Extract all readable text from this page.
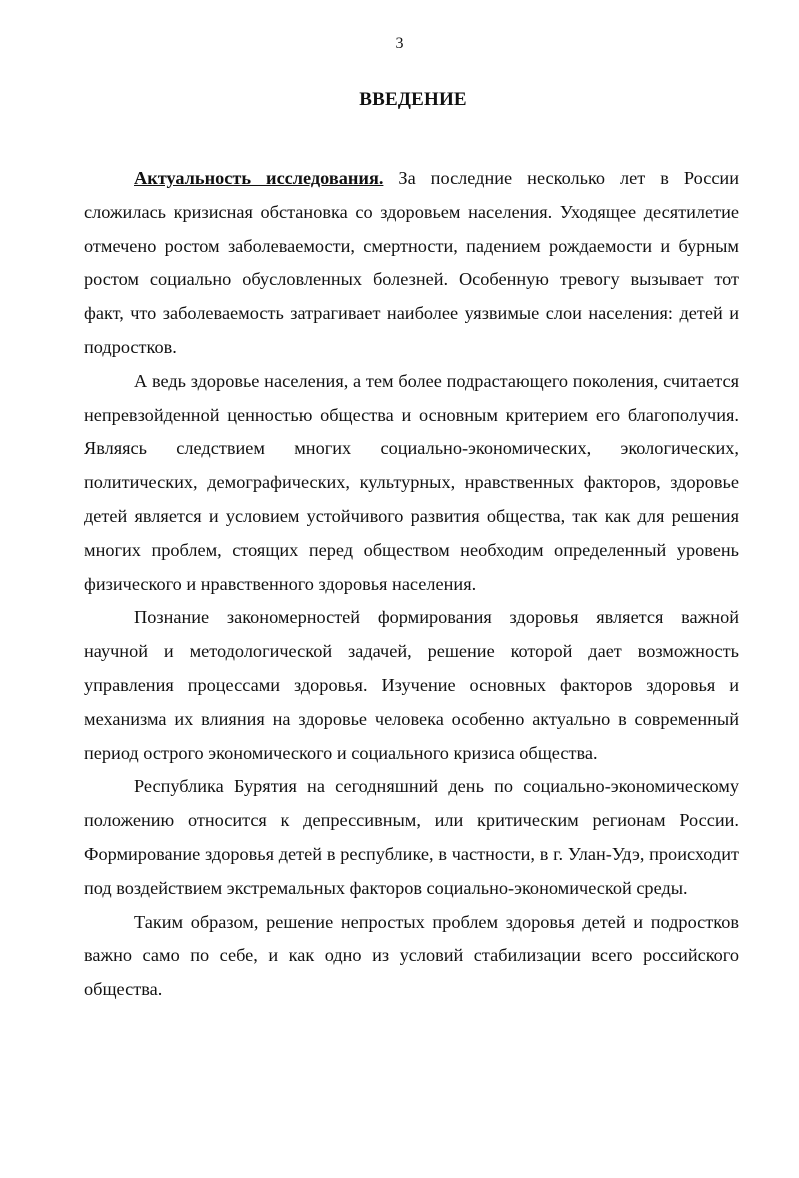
3
ВВЕДЕНИЕ

Актуальность исследования. За последние несколько лет в России сложилась кризисная обстановка со здоровьем населения. Уходящее десятилетие отмечено ростом заболеваемости, смертности, падением рождаемости и бурным ростом социально обусловленных болезней. Особенную тревогу вызывает тот факт, что заболеваемость затрагивает наиболее уязвимые слои населения: детей и подростков.

А ведь здоровье населения, а тем более подрастающего поколения, считается непревзойденной ценностью общества и основным критерием его благополучия. Являясь следствием многих социально-экономических, экологических, политических, демографических, культурных, нравственных факторов, здоровье детей является и условием устойчивого развития общества, так как для решения многих проблем, стоящих перед обществом необходим определенный уровень физического и нравственного здоровья населения.

Познание закономерностей формирования здоровья является важной научной и методологической задачей, решение которой дает возможность управления процессами здоровья. Изучение основных факторов здоровья и механизма их влияния на здоровье человека особенно актуально в современный период острого экономического и социального кризиса общества.

Республика Бурятия на сегодняшний день по социально-экономическому положению относится к депрессивным, или критическим регионам России. Формирование здоровья детей в республике, в частности, в г. Улан-Удэ, происходит под воздействием экстремальных факторов социально-экономической среды.

Таким образом, решение непростых проблем здоровья детей и подростков важно само по себе, и как одно из условий стабилизации всего российского общества.
